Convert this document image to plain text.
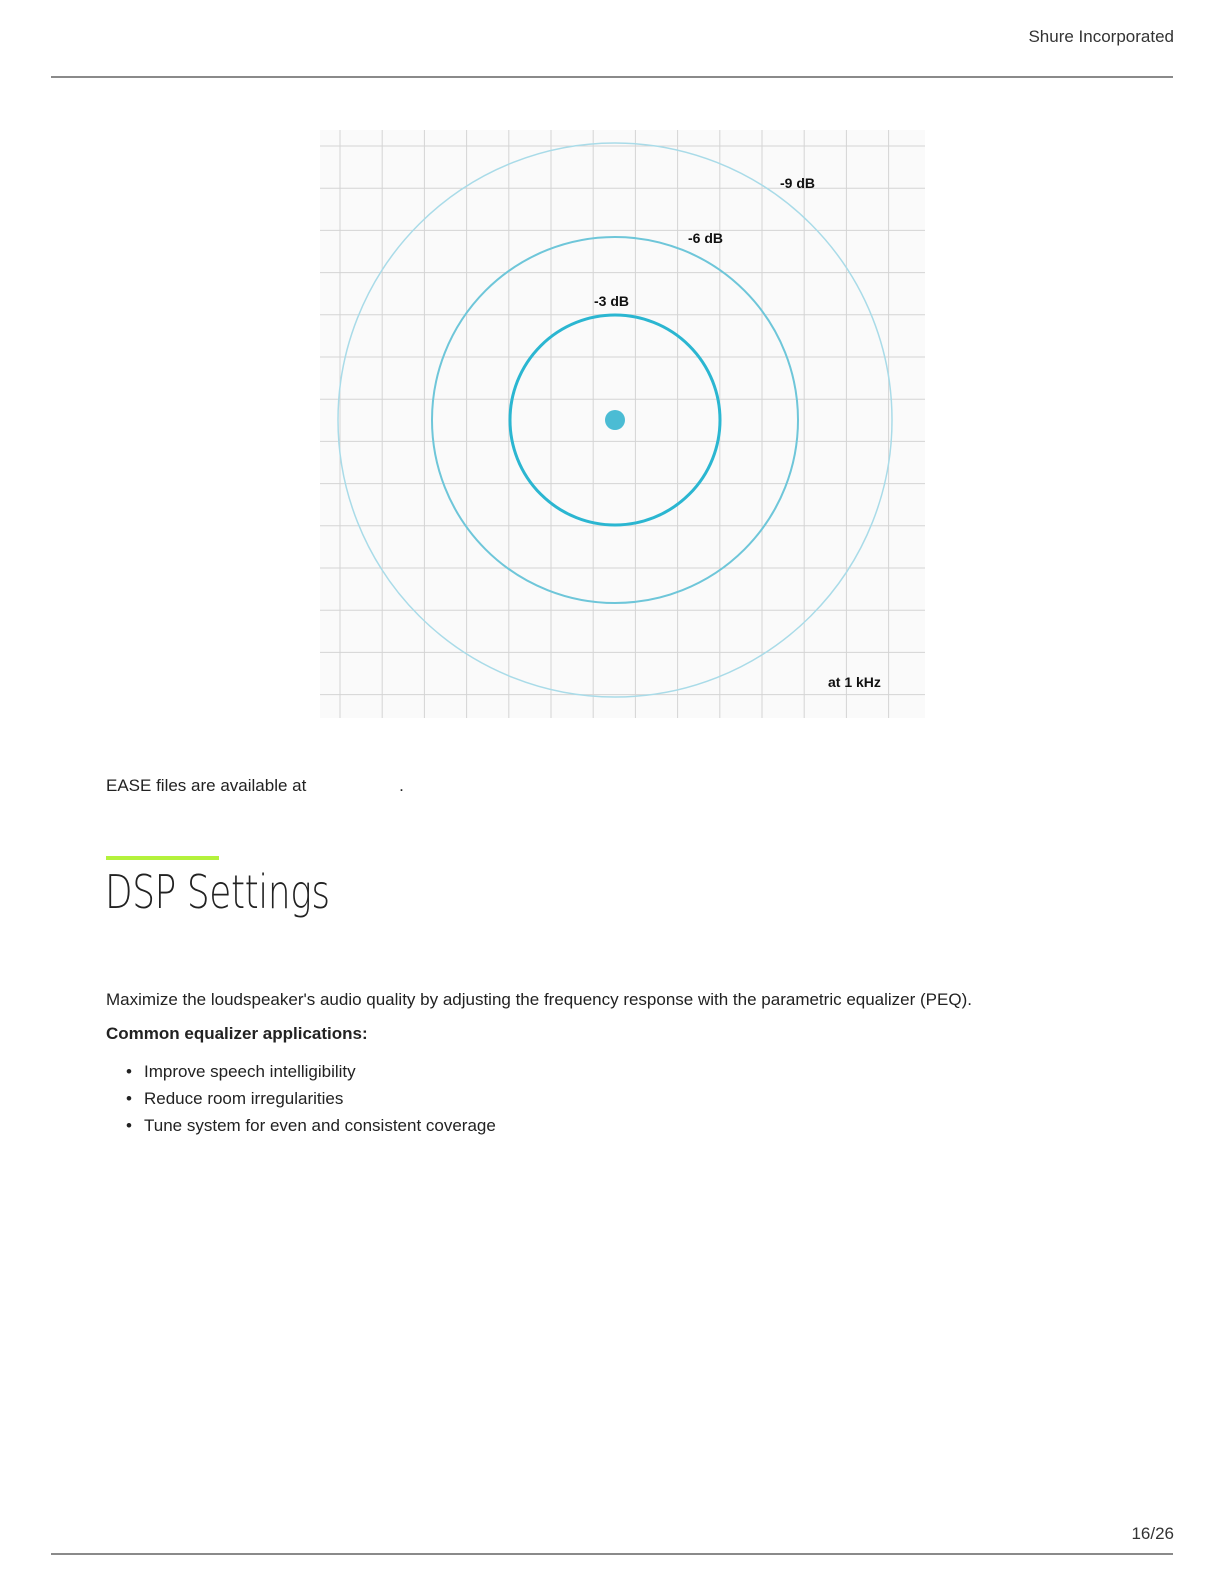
Shure Incorporated
-9 dB
-6 dB
-3 dB
at 1 kHz
EASE files are available at	.
DSP Settings

Maximize the loudspeaker's audio quality by adjusting the frequency response with the parametric equalizer (PEQ).

Common equalizer applications:

• Improve speech intelligibility
• Reduce room irregularities
• Tune system for even and consistent coverage
16/26
